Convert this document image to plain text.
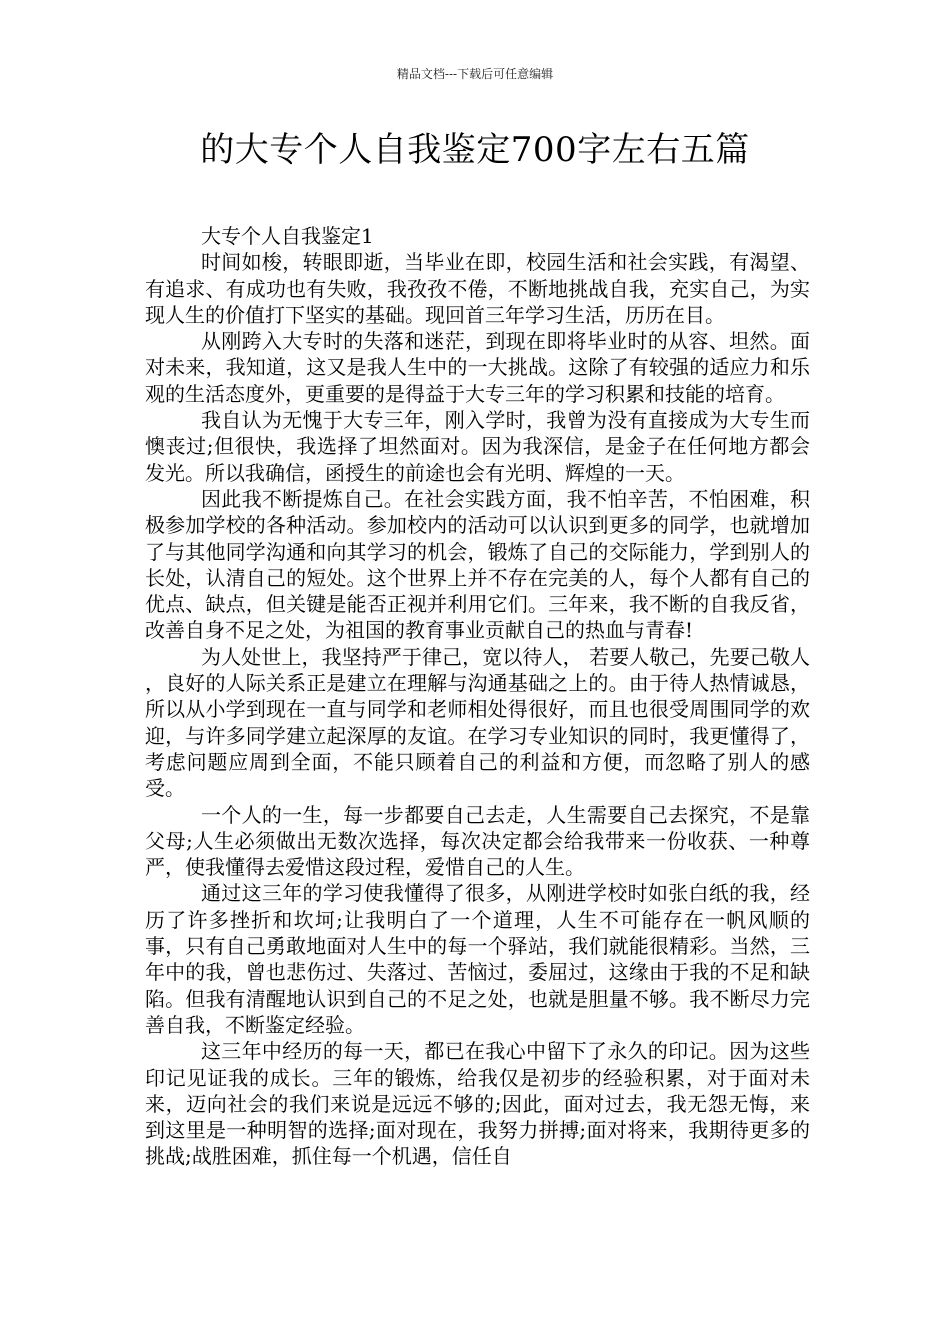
精品文档---下载后可任意编辑
的大专个人自我鉴定700字左右五篇

大专个人自我鉴定1

时间如梭，转眼即逝，当毕业在即，校园生活和社会实践，有渴望、有追求、有成功也有失败，我孜孜不倦，不断地挑战自我，充实自己，为实现人生的价值打下坚实的基础。现回首三年学习生活，历历在目。

从刚跨入大专时的失落和迷茫，到现在即将毕业时的从容、坦然。面对未来，我知道，这又是我人生中的一大挑战。这除了有较强的适应力和乐观的生活态度外，更重要的是得益于大专三年的学习积累和技能的培育。

我自认为无愧于大专三年，刚入学时，我曾为没有直接成为大专生而懊丧过;但很快，我选择了坦然面对。因为我深信，是金子在任何地方都会发光。所以我确信，函授生的前途也会有光明、辉煌的一天。

因此我不断提炼自己。在社会实践方面，我不怕辛苦，不怕困难，积极参加学校的各种活动。参加校内的活动可以认识到更多的同学，也就增加了与其他同学沟通和向其学习的机会，锻炼了自己的交际能力，学到别人的长处，认清自己的短处。这个世界上并不存在完美的人，每个人都有自己的优点、缺点，但关键是能否正视并利用它们。三年来，我不断的自我反省，改善自身不足之处，为祖国的教育事业贡献自己的热血与青春!

为人处世上，我坚持严于律己，宽以待人， 若要人敬己，先要己敬人 ，良好的人际关系正是建立在理解与沟通基础之上的。由于待人热情诚恳，所以从小学到现在一直与同学和老师相处得很好，而且也很受周围同学的欢迎，与许多同学建立起深厚的友谊。在学习专业知识的同时，我更懂得了，考虑问题应周到全面，不能只顾着自己的利益和方便，而忽略了别人的感受。

一个人的一生，每一步都要自己去走，人生需要自己去探究，不是靠父母;人生必须做出无数次选择，每次决定都会给我带来一份收获、一种尊严，使我懂得去爱惜这段过程，爱惜自己的人生。

通过这三年的学习使我懂得了很多，从刚进学校时如张白纸的我，经历了许多挫折和坎坷;让我明白了一个道理，人生不可能存在一帆风顺的事，只有自己勇敢地面对人生中的每一个驿站，我们就能很精彩。当然，三年中的我，曾也悲伤过、失落过、苦恼过，委屈过，这缘由于我的不足和缺陷。但我有清醒地认识到自己的不足之处，也就是胆量不够。我不断尽力完善自我，不断鉴定经验。

这三年中经历的每一天，都已在我心中留下了永久的印记。因为这些印记见证我的成长。三年的锻炼，给我仅是初步的经验积累，对于面对未来，迈向社会的我们来说是远远不够的;因此，面对过去，我无怨无悔，来到这里是一种明智的选择;面对现在，我努力拼搏;面对将来，我期待更多的挑战;战胜困难，抓住每一个机遇，信任自
